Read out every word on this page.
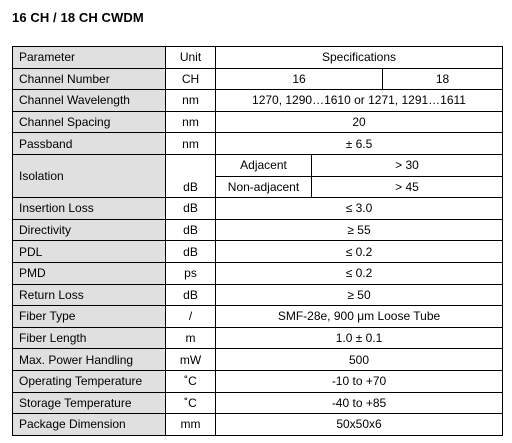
16 CH / 18 CH CWDM
Parameter	Unit	Specifications		
Channel Number	CH	16		18
Channel Wavelength	nm	1270, 1290…1610 or 1271, 1291…1611		
Channel Spacing	nm	20		
Passband	nm	± 6.5		
Isolation	dB	Adjacent	> 30	
		Non-adjacent	> 45	
Insertion Loss	dB	≤ 3.0		
Directivity	dB	≥ 55		
PDL	dB	≤ 0.2		
PMD	ps	≤ 0.2		
Return Loss	dB	≥ 50		
Fiber Type	/	SMF-28e, 900 μm Loose Tube		
Fiber Length	m	1.0 ± 0.1		
Max. Power Handling	mW	500		
Operating Temperature	˚C	-10 to +70		
Storage Temperature	˚C	-40 to +85		
Package Dimension	mm	50x50x6		
